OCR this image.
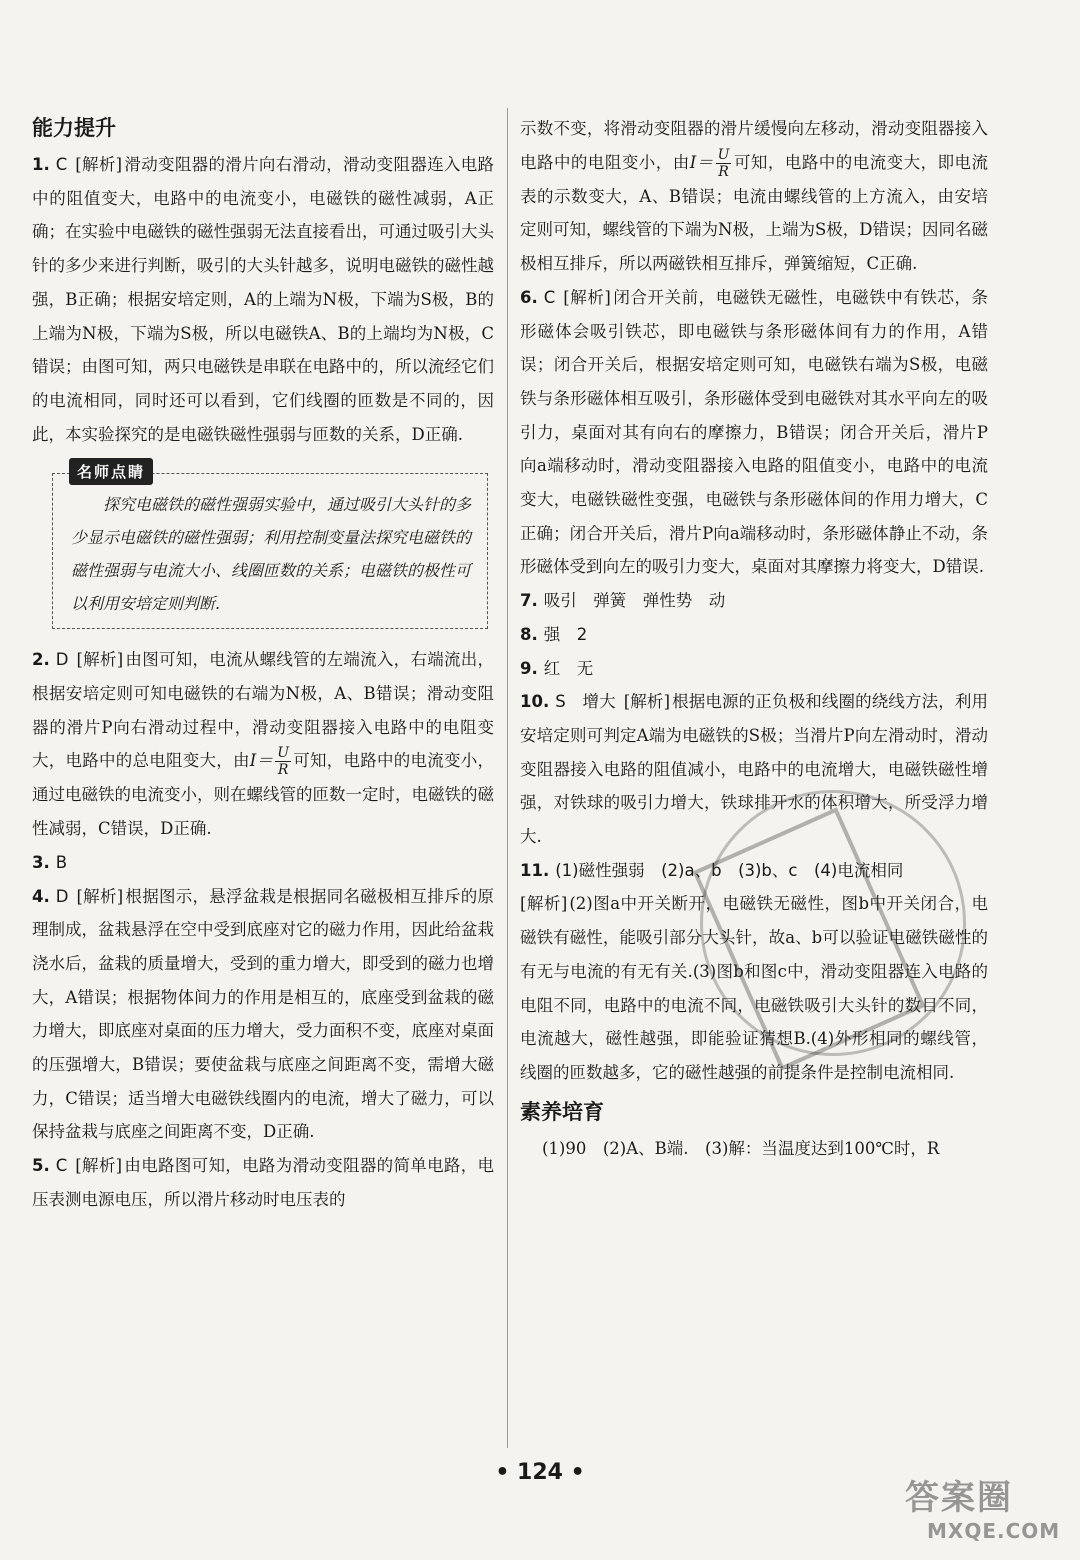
能力提升

1. C [解析] 滑动变阻器的滑片向右滑动，滑动变阻器连入电路中的阻值变大，电路中的电流变小，电磁铁的磁性减弱，A正确；在实验中电磁铁的磁性强弱无法直接看出，可通过吸引大头针的多少来进行判断，吸引的大头针越多，说明电磁铁的磁性越强，B正确；根据安培定则，A的上端为N极，下端为S极，B的上端为N极，下端为S极，所以电磁铁A、B的上端均为N极，C错误；由图可知，两只电磁铁是串联在电路中的，所以流经它们的电流相同，同时还可以看到，它们线圈的匝数是不同的，因此，本实验探究的是电磁铁磁性强弱与匝数的关系，D正确.

名师点睛

探究电磁铁的磁性强弱实验中，通过吸引大头针的多少显示电磁铁的磁性强弱；利用控制变量法探究电磁铁的磁性强弱与电流大小、线圈匝数的关系；电磁铁的极性可以利用安培定则判断.

2. D [解析] 由图可知，电流从螺线管的左端流入，右端流出，根据安培定则可知电磁铁的右端为N极，A、B错误；滑动变阻器的滑片P向右滑动过程中，滑动变阻器接入电路中的电阻变大，电路中的总电阻变大，由$I= \frac{U}{R}$ 可知，电路中的电流变小，通过电磁铁的电流变小，则在螺线管的匝数一定时，电磁铁的磁性减弱，C错误，D正确.

3. B

4. D [解析] 根据图示，悬浮盆栽是根据同名磁极相互排斥的原理制成，盆栽悬浮在空中受到底座对它的磁力作用，因此给盆栽浇水后，盆栽的质量增大，受到的重力增大，即受到的磁力也增大，A错误；根据物体间力的作用是相互的，底座受到盆栽的磁力增大，即底座对桌面的压力增大，受力面积不变，底座对桌面的压强增大，B错误；要使盆栽与底座之间距离不变，需增大磁力，C错误；适当增大电磁铁线圈内的电流，增大了磁力，可以保持盆栽与底座之间距离不变，D正确.

5. C [解析] 由电路图可知，电路为滑动变阻器的简单电路，电压表测电源电压，所以滑片移动时电压表的

示数不变，将滑动变阻器的滑片缓慢向左移动，滑动变阻器接入电路中的电阻变小，由$I= \frac{U}{R}$ 可知，电路中的电流变大，即电流表的示数变大，A、B错误；电流由螺线管的上方流入，由安培定则可知，螺线管的下端为N极，上端为S极，D错误；因同名磁极相互排斥，所以两磁铁相互排斥，弹簧缩短，C正确.

6. C [解析] 闭合开关前，电磁铁无磁性，电磁铁中有铁芯，条形磁体会吸引铁芯，即电磁铁与条形磁体间有力的作用，A错误；闭合开关后，根据安培定则可知，电磁铁右端为S极，电磁铁与条形磁体相互吸引，条形磁体受到电磁铁对其水平向左的吸引力，桌面对其有向右的摩擦力，B错误；闭合开关后，滑片P向a端移动时，滑动变阻器接入电路的阻值变小，电路中的电流变大，电磁铁磁性变强，电磁铁与条形磁体间的作用力增大，C正确；闭合开关后，滑片P向a端移动时，条形磁体静止不动，条形磁体受到向左的吸引力变大，桌面对其摩擦力将变大，D错误.

7. 吸引　弹簧　弹性势　动

8. 强　2

9. 红　无

10. S　增大 [解析] 根据电源的正负极和线圈的绕线方法，利用安培定则可判定A端为电磁铁的S极；当滑片P向左滑动时，滑动变阻器接入电路的阻值减小，电路中的电流增大，电磁铁磁性增强，对铁球的吸引力增大，铁球排开水的体积增大，所受浮力增大.

11. (1)磁性强弱　(2)a、b　(3)b、c　(4)电流相同
[解析] (2)图a中开关断开，电磁铁无磁性，图b中开关闭合，电磁铁有磁性，能吸引部分大头针，故a、b可以验证电磁铁磁性的有无与电流的有无有关.(3)图b和图c中，滑动变阻器连入电路的电阻不同，电路中的电流不同，电磁铁吸引大头针的数目不同，电流越大，磁性越强，即能验证猜想B.(4)外形相同的螺线管，线圈的匝数越多，它的磁性越强的前提条件是控制电流相同.

素养培育

(1)90　(2)A、B端.　(3)解：当温度达到100℃时，R

• 124 •
答案圈
MXQE.COM
